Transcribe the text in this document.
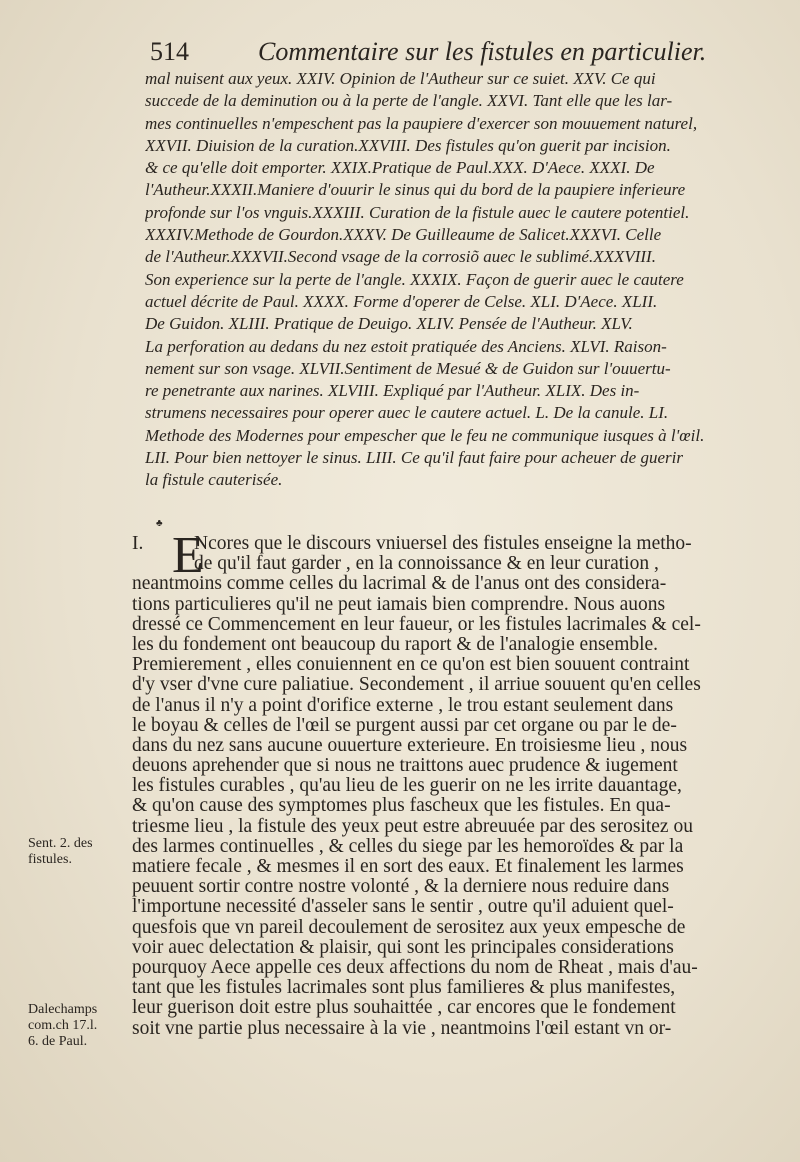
514	Commentaire sur les fistules en particulier.
mal nuisent aux yeux. XXIV. Opinion de l'Autheur sur ce suiet. XXV. Ce qui
succede de la deminution ou à la perte de l'angle. XXVI. Tant elle que les lar-
mes continuelles n'empeschent pas la paupiere d'exercer son mouuement naturel,
XXVII. Diuision de la curation.XXVIII. Des fistules qu'on guerit par incision.
& ce qu'elle doit emporter. XXIX.Pratique de Paul.XXX. D'Aece. XXXI. De
l'Autheur.XXXII.Maniere d'ouurir le sinus qui du bord de la paupiere inferieure
profonde sur l'os vnguis.XXXIII. Curation de la fistule auec le cautere potentiel.
XXXIV.Methode de Gourdon.XXXV. De Guilleaume de Salicet.XXXVI. Celle
de l'Autheur.XXXVII.Second vsage de la corrosiõ auec le sublimé.XXXVIII.
Son experience sur la perte de l'angle. XXXIX. Façon de guerir auec le cautere
actuel décrite de Paul. XXXX. Forme d'operer de Celse. XLI. D'Aece. XLII.
De Guidon. XLIII. Pratique de Deuigo. XLIV. Pensée de l'Autheur. XLV.
La perforation au dedans du nez estoit pratiquée des Anciens. XLVI. Raison-
nement sur son vsage. XLVII.Sentiment de Mesué & de Guidon sur l'ouuertu-
re penetrante aux narines. XLVIII. Expliqué par l'Autheur. XLIX. Des in-
strumens necessaires pour operer auec le cautere actuel. L. De la canule. LI.
Methode des Modernes pour empescher que le feu ne communique iusques à l'œil.
LII. Pour bien nettoyer le sinus. LIII. Ce qu'il faut faire pour acheuer de guerir
la fistule cauterisée.
♣
E
I.	Ncores que le discours vniuersel des fistules enseigne la metho-
de qu'il faut garder , en la connoissance & en leur curation ,
neantmoins comme celles du lacrimal & de l'anus ont des considera-
tions particulieres qu'il ne peut iamais bien comprendre. Nous auons
dressé ce Commencement en leur faueur, or les fistules lacrimales & cel-
les du fondement ont beaucoup du raport & de l'analogie ensemble.
Premierement , elles conuiennent en ce qu'on est bien souuent contraint
d'y vser d'vne cure paliatiue. Secondement , il arriue souuent qu'en celles
de l'anus il n'y a point d'orifice externe , le trou estant seulement dans
le boyau & celles de l'œil se purgent aussi par cet organe ou par le de-
dans du nez sans aucune ouuerture exterieure. En troisiesme lieu , nous
deuons aprehender que si nous ne traittons auec prudence & iugement
les fistules curables , qu'au lieu de les guerir on ne les irrite dauantage,
& qu'on cause des symptomes plus fascheux que les fistules. En qua-
triesme lieu , la fistule des yeux peut estre abreuuée par des serositez ou
des larmes continuelles , & celles du siege par les hemoroïdes & par la
matiere fecale , & mesmes il en sort des eaux. Et finalement les larmes
peuuent sortir contre nostre volonté , & la derniere nous reduire dans
l'importune necessité d'asseler sans le sentir , outre qu'il aduient quel-
quesfois que vn pareil decoulement de serositez aux yeux empesche de
voir auec delectation & plaisir, qui sont les principales considerations
pourquoy Aece appelle ces deux affections du nom de Rheat , mais d'au-
tant que les fistules lacrimales sont plus familieres & plus manifestes,
leur guerison doit estre plus souhaittée , car encores que le fondement
soit vne partie plus necessaire à la vie , neantmoins l'œil estant vn or-
Sent. 2. des
fistules.
Dalechamps
com.ch 17.l.
6. de Paul.
